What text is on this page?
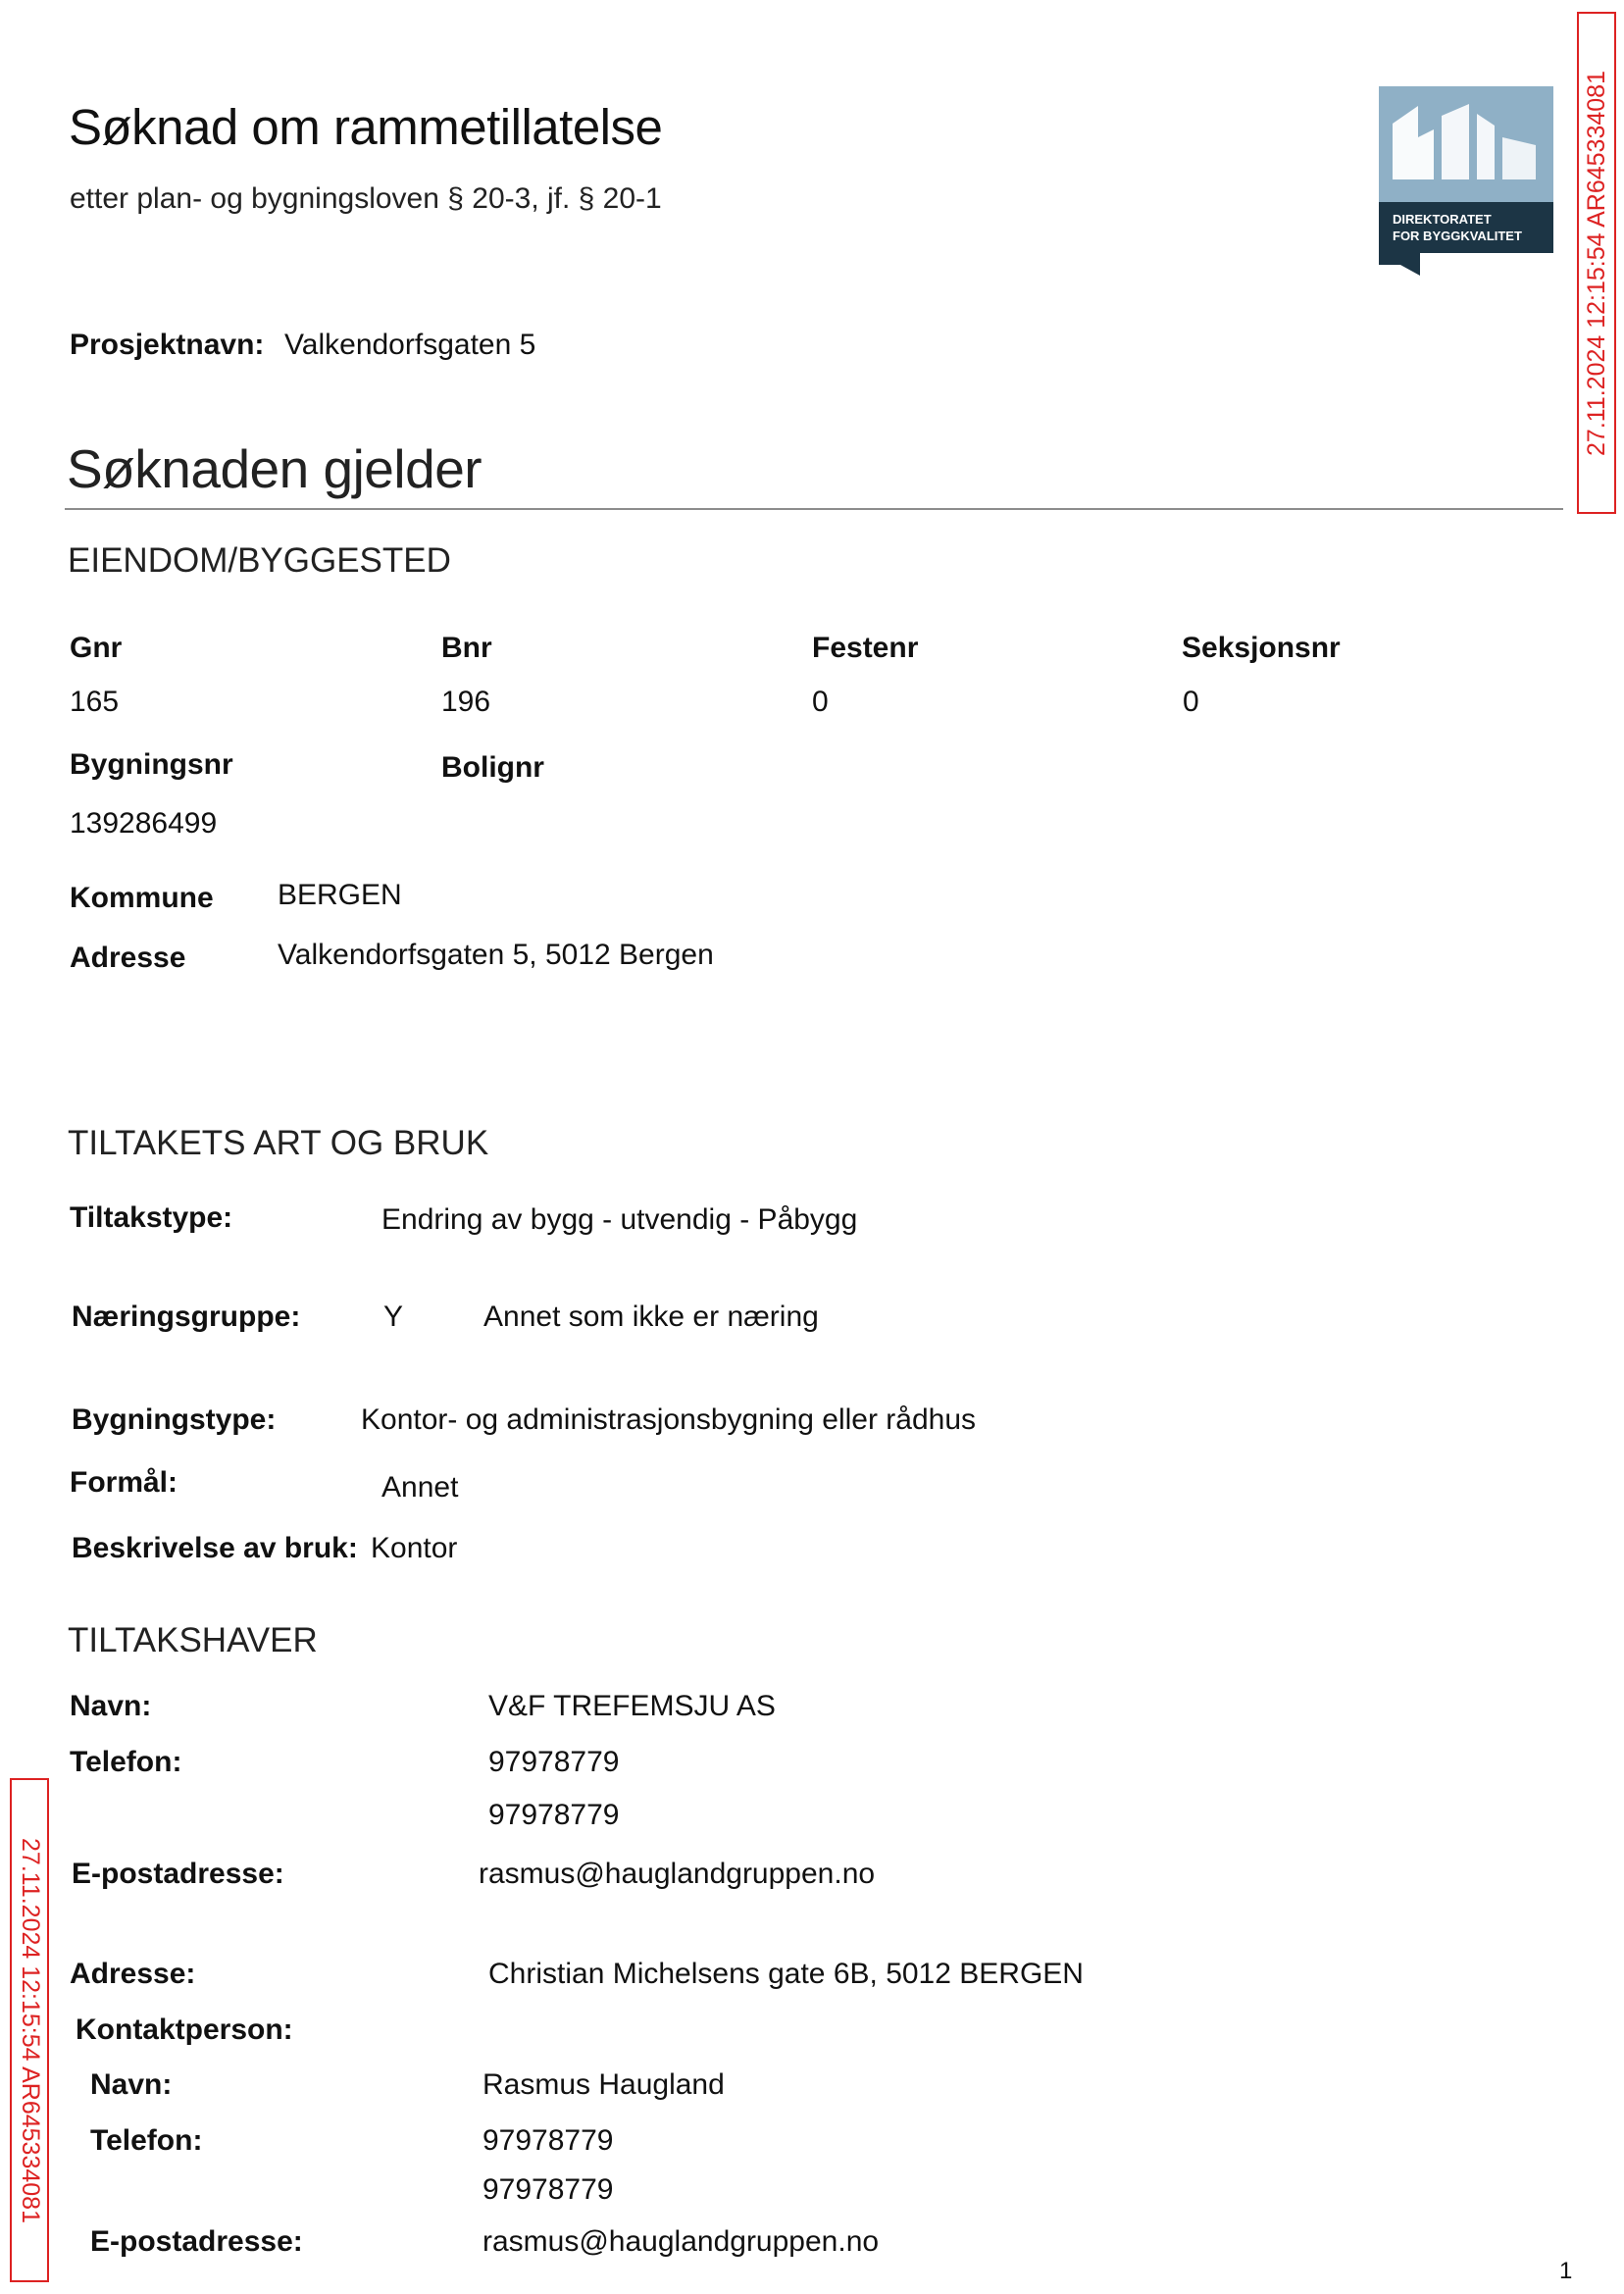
Søknad om rammetillatelse
etter plan- og bygningsloven § 20-3, jf. § 20-1
DIREKTORATET
FOR BYGGKVALITET 27.11.2024 12:15:54 AR645334081
27.11.2024 12:15:54 AR645334081
Prosjektnavn: Valkendorfsgaten 5
Søknaden gjelder
EIENDOM/BYGGESTED
Gnr	Bnr	Festenr	Seksjonsnr
165	196	0	0
Bygningsnr	Bolignr
139286499
Kommune BERGEN
Adresse	Valkendorfsgaten 5, 5012 Bergen
TILTAKETS ART OG BRUK
Tiltakstype:	Endring av bygg - utvendig - Påbygg
Næringsgruppe:	Y	Annet som ikke er næring
Bygningstype:	Kontor- og administrasjonsbygning eller rådhus
Formål:	Annet
Beskrivelse av bruk: Kontor
TILTAKSHAVER
Navn:	V&F TREFEMSJU AS
Telefon:	97978779
97978779
E-postadresse:	rasmus@hauglandgruppen.no
Adresse:	Christian Michelsens gate 6B, 5012 BERGEN
Kontaktperson:
Navn:	Rasmus Haugland
Telefon:	97978779
97978779
E-postadresse:	rasmus@hauglandgruppen.no
1
